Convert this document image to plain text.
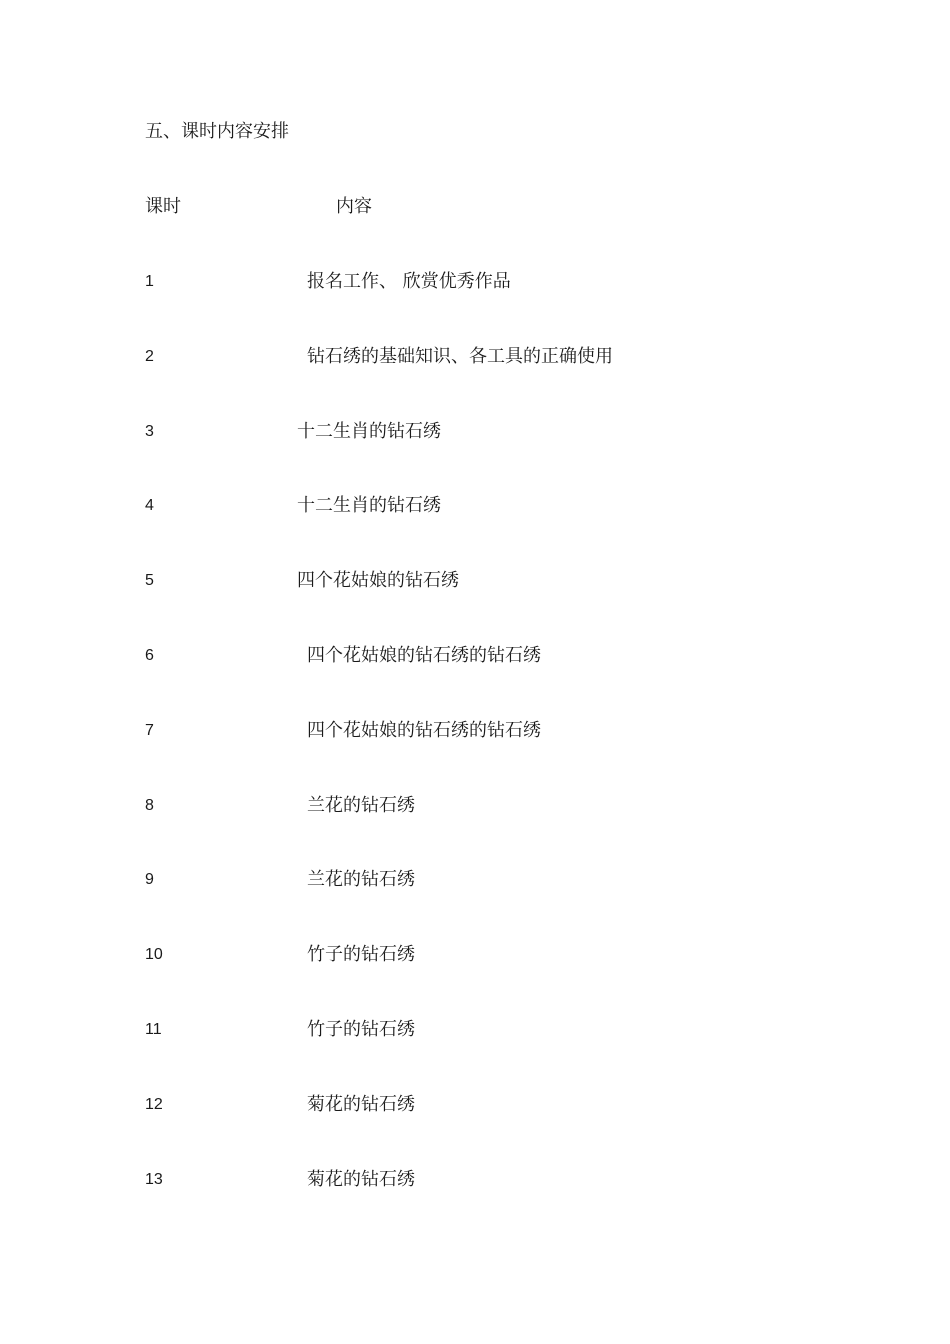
五、课时内容安排
课时	内容
1	报名工作、 欣赏优秀作品
2	钻石绣的基础知识、各工具的正确使用
3	十二生肖的钻石绣
4	十二生肖的钻石绣
5	四个花姑娘的钻石绣
6	四个花姑娘的钻石绣的钻石绣
7	四个花姑娘的钻石绣的钻石绣
8	兰花的钻石绣
9	兰花的钻石绣
10	竹子的钻石绣
11	竹子的钻石绣
12	菊花的钻石绣
13	菊花的钻石绣
